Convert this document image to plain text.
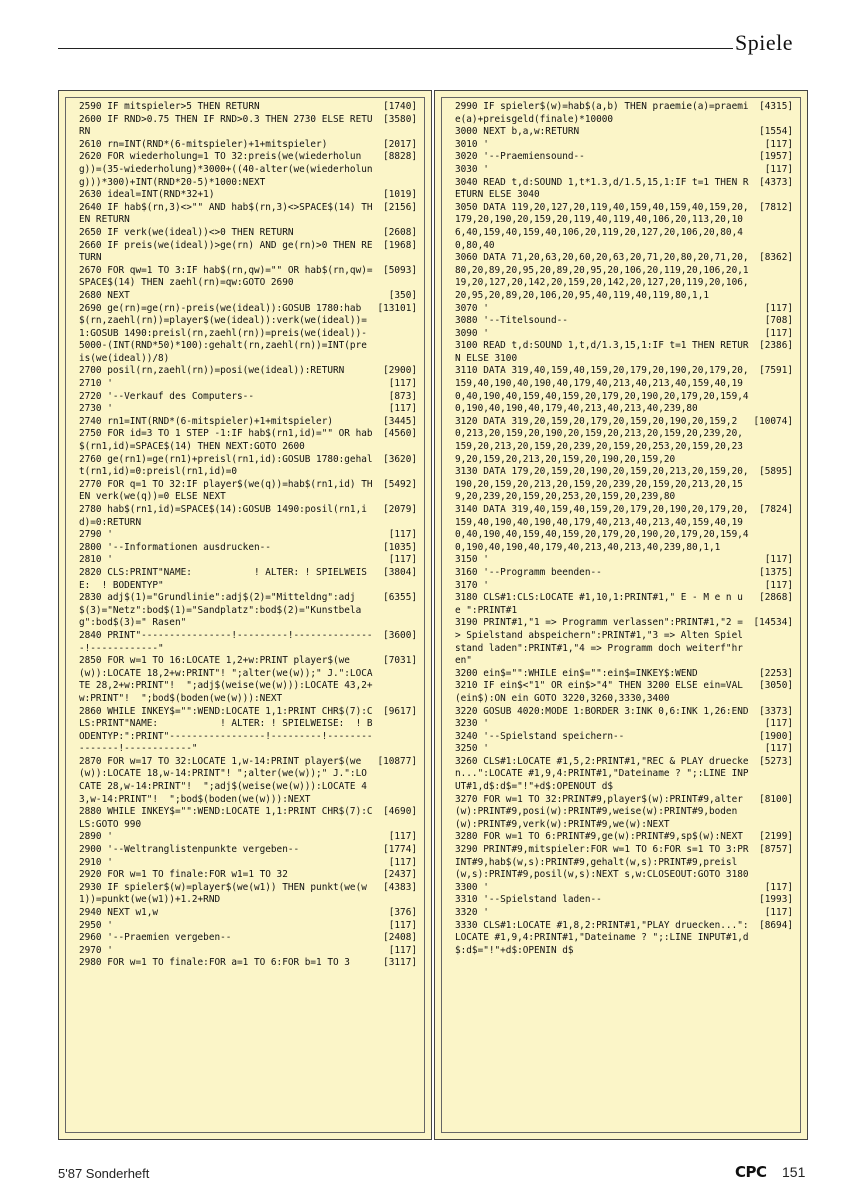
Spiele
2590 IF mitspieler>5 THEN RETURN	[1740]
2600 IF RND>0.75 THEN IF RND>0.3 THEN 2730 ELSE RETURN
[3580]
2610 rn=INT(RND*(6-mitspieler)+1+mitspieler)	[2017]
2620 FOR wiederholung=1 TO 32:preis(we(wiederholung))=(35-wiederholung)*3000+((40-alter(we(wiederholung)))*300)+INT(RND*20-5)*1000:NEXT
[8828]
2630 ideal=INT(RND*32+1)	[1019]
2640 IF hab$(rn,3)<>"" AND hab$(rn,3)<>SPACE$(14) THEN RETURN
[2156]
2650 IF verk(we(ideal))<>0 THEN RETURN	[2608]
2660 IF preis(we(ideal))>ge(rn) AND ge(rn)>0 THEN RETURN
[1968]
2670 FOR qw=1 TO 3:IF hab$(rn,qw)="" OR hab$(rn,qw)=SPACE$(14) THEN zaehl(rn)=qw:GOTO 2690
[5093]
2680 NEXT	[350]
2690 ge(rn)=ge(rn)-preis(we(ideal)):GOSUB 1780:hab$(rn,zaehl(rn))=player$(we(ideal)):verk(we(ideal))=1:GOSUB 1490:preisl(rn,zaehl(rn))=preis(we(ideal))-5000-(INT(RND*50)*100):gehalt(rn,zaehl(rn))=INT(preis(we(ideal))/8)
[13101]
2700 posil(rn,zaehl(rn))=posi(we(ideal)):RETURN	[2900]
2710 '	[117]
2720 '--Verkauf des Computers--	[873]
2730 '	[117]
2740 rn1=INT(RND*(6-mitspieler)+1+mitspieler)	[3445]
2750 FOR id=3 TO 1 STEP -1:IF hab$(rn1,id)="" OR hab$(rn1,id)=SPACE$(14) THEN NEXT:GOTO 2600
[4560]
2760 ge(rn1)=ge(rn1)+preisl(rn1,id):GOSUB 1780:gehalt(rn1,id)=0:preisl(rn1,id)=0
[3620]
2770 FOR q=1 TO 32:IF player$(we(q))=hab$(rn1,id) THEN verk(we(q))=0 ELSE NEXT
[5492]
2780 hab$(rn1,id)=SPACE$(14):GOSUB 1490:posil(rn1,id)=0:RETURN
[2079]
2790 '	[117]
2800 '--Informationen ausdrucken--	[1035]
2810 '	[117]
2820 CLS:PRINT"NAME:           ! ALTER: ! SPIELWEISE:  ! BODENTYP"
[3804]
2830 adj$(1)="Grundlinie":adj$(2)="Mitteldng":adj$(3)="Netz":bod$(1)="Sandplatz":bod$(2)="Kunstbelag":bod$(3)=" Rasen"
[6355]
2840 PRINT"----------------!---------!---------------!------------"
[3600]
2850 FOR w=1 TO 16:LOCATE 1,2+w:PRINT player$(we(w)):LOCATE 18,2+w:PRINT"! ";alter(we(w));" J.":LOCATE 28,2+w:PRINT"!  ";adj$(weise(we(w))):LOCATE 43,2+w:PRINT"!  ";bod$(boden(we(w))):NEXT
[7031]
2860 WHILE INKEY$="":WEND:LOCATE 1,1:PRINT CHR$(7):CLS:PRINT"NAME:           ! ALTER: ! SPIELWEISE:  ! BODENTYP:":PRINT"-----------------!---------!---------------!------------"
[9617]
2870 FOR w=17 TO 32:LOCATE 1,w-14:PRINT player$(we(w)):LOCATE 18,w-14:PRINT"! ";alter(we(w));" J.":LOCATE 28,w-14:PRINT"!  ";adj$(weise(we(w))):LOCATE 43,w-14:PRINT"!  ";bod$(boden(we(w))):NEXT
[10877]
2880 WHILE INKEY$="":WEND:LOCATE 1,1:PRINT CHR$(7):CLS:GOTO 990
[4690]
2890 '	[117]
2900 '--Weltranglistenpunkte vergeben--	[1774]
2910 '	[117]
2920 FOR w=1 TO finale:FOR w1=1 TO 32	[2437]
2930 IF spieler$(w)=player$(we(w1)) THEN punkt(we(w1))=punkt(we(w1))+1.2+RND
[4383]
2940 NEXT w1,w	[376]
2950 '	[117]
2960 '--Praemien vergeben--	[2408]
2970 '	[117]
2980 FOR w=1 TO finale:FOR a=1 TO 6:FOR b=1 TO 3	[3117]
2990 IF spieler$(w)=hab$(a,b) THEN praemie(a)=praemie(a)+preisgeld(finale)*10000
[4315]
3000 NEXT b,a,w:RETURN	[1554]
3010 '	[117]
3020 '--Praemiensound--	[1957]
3030 '	[117]
3040 READ t,d:SOUND 1,t*1.3,d/1.5,15,1:IF t=1 THEN RETURN ELSE 3040
[4373]
3050 DATA 119,20,127,20,119,40,159,40,159,40,159,20,179,20,190,20,159,20,119,40,119,40,106,20,113,20,106,40,159,40,159,40,106,20,119,20,127,20,106,20,80,40,80,40
[7812]
3060 DATA 71,20,63,20,60,20,63,20,71,20,80,20,71,20,80,20,89,20,95,20,89,20,95,20,106,20,119,20,106,20,119,20,127,20,142,20,159,20,142,20,127,20,119,20,106,20,95,20,89,20,106,20,95,40,119,40,119,80,1,1
[8362]
3070 '	[117]
3080 '--Titelsound--	[708]
3090 '	[117]
3100 READ t,d:SOUND 1,t,d/1.3,15,1:IF t=1 THEN RETURN ELSE 3100
[2386]
3110 DATA 319,40,159,40,159,20,179,20,190,20,179,20,159,40,190,40,190,40,179,40,213,40,213,40,159,40,190,40,190,40,159,40,159,20,179,20,190,20,179,20,159,40,190,40,190,40,179,40,213,40,213,40,239,80
[7591]
3120 DATA 319,20,159,20,179,20,159,20,190,20,159,20,213,20,159,20,190,20,159,20,213,20,159,20,239,20,159,20,213,20,159,20,239,20,159,20,253,20,159,20,239,20,159,20,213,20,159,20,190,20,159,20
[10074]
3130 DATA 179,20,159,20,190,20,159,20,213,20,159,20,190,20,159,20,213,20,159,20,239,20,159,20,213,20,159,20,239,20,159,20,253,20,159,20,239,80
[5895]
3140 DATA 319,40,159,40,159,20,179,20,190,20,179,20,159,40,190,40,190,40,179,40,213,40,213,40,159,40,190,40,190,40,159,40,159,20,179,20,190,20,179,20,159,40,190,40,190,40,179,40,213,40,213,40,239,80,1,1
[7824]
3150 '	[117]
3160 '--Programm beenden--	[1375]
3170 '	[117]
3180 CLS#1:CLS:LOCATE #1,10,1:PRINT#1," E - M e n u e ":PRINT#1
[2868]
3190 PRINT#1,"1 => Programm verlassen":PRINT#1,"2 => Spielstand abspeichern":PRINT#1,"3 => Alten Spielstand laden":PRINT#1,"4 => Programm doch weiterf"hren"
[14534]
3200 ein$="":WHILE ein$="":ein$=INKEY$:WEND	[2253]
3210 IF ein$<"1" OR ein$>"4" THEN 3200 ELSE ein=VAL(ein$):ON ein GOTO 3220,3260,3330,3400
[3050]
3220 GOSUB 4020:MODE 1:BORDER 3:INK 0,6:INK 1,26:END	[3373]
3230 '	[117]
3240 '--Spielstand speichern--	[1900]
3250 '	[117]
3260 CLS#1:LOCATE #1,5,2:PRINT#1,"REC & PLAY druecken...":LOCATE #1,9,4:PRINT#1,"Dateiname ? ";:LINE INPUT#1,d$:d$="!"+d$:OPENOUT d$
[5273]
3270 FOR w=1 TO 32:PRINT#9,player$(w):PRINT#9,alter(w):PRINT#9,posi(w):PRINT#9,weise(w):PRINT#9,boden(w):PRINT#9,verk(w):PRINT#9,we(w):NEXT
[8100]
3280 FOR w=1 TO 6:PRINT#9,ge(w):PRINT#9,sp$(w):NEXT	[2199]
3290 PRINT#9,mitspieler:FOR w=1 TO 6:FOR s=1 TO 3:PRINT#9,hab$(w,s):PRINT#9,gehalt(w,s):PRINT#9,preisl(w,s):PRINT#9,posil(w,s):NEXT s,w:CLOSEOUT:GOTO 3180
[8757]
3300 '	[117]
3310 '--Spielstand laden--	[1993]
3320 '	[117]
3330 CLS#1:LOCATE #1,8,2:PRINT#1,"PLAY druecken...":LOCATE #1,9,4:PRINT#1,"Dateiname ? ";:LINE INPUT#1,d$:d$="!"+d$:OPENIN d$
[8694]
5'87 Sonderheft	CPC 151
